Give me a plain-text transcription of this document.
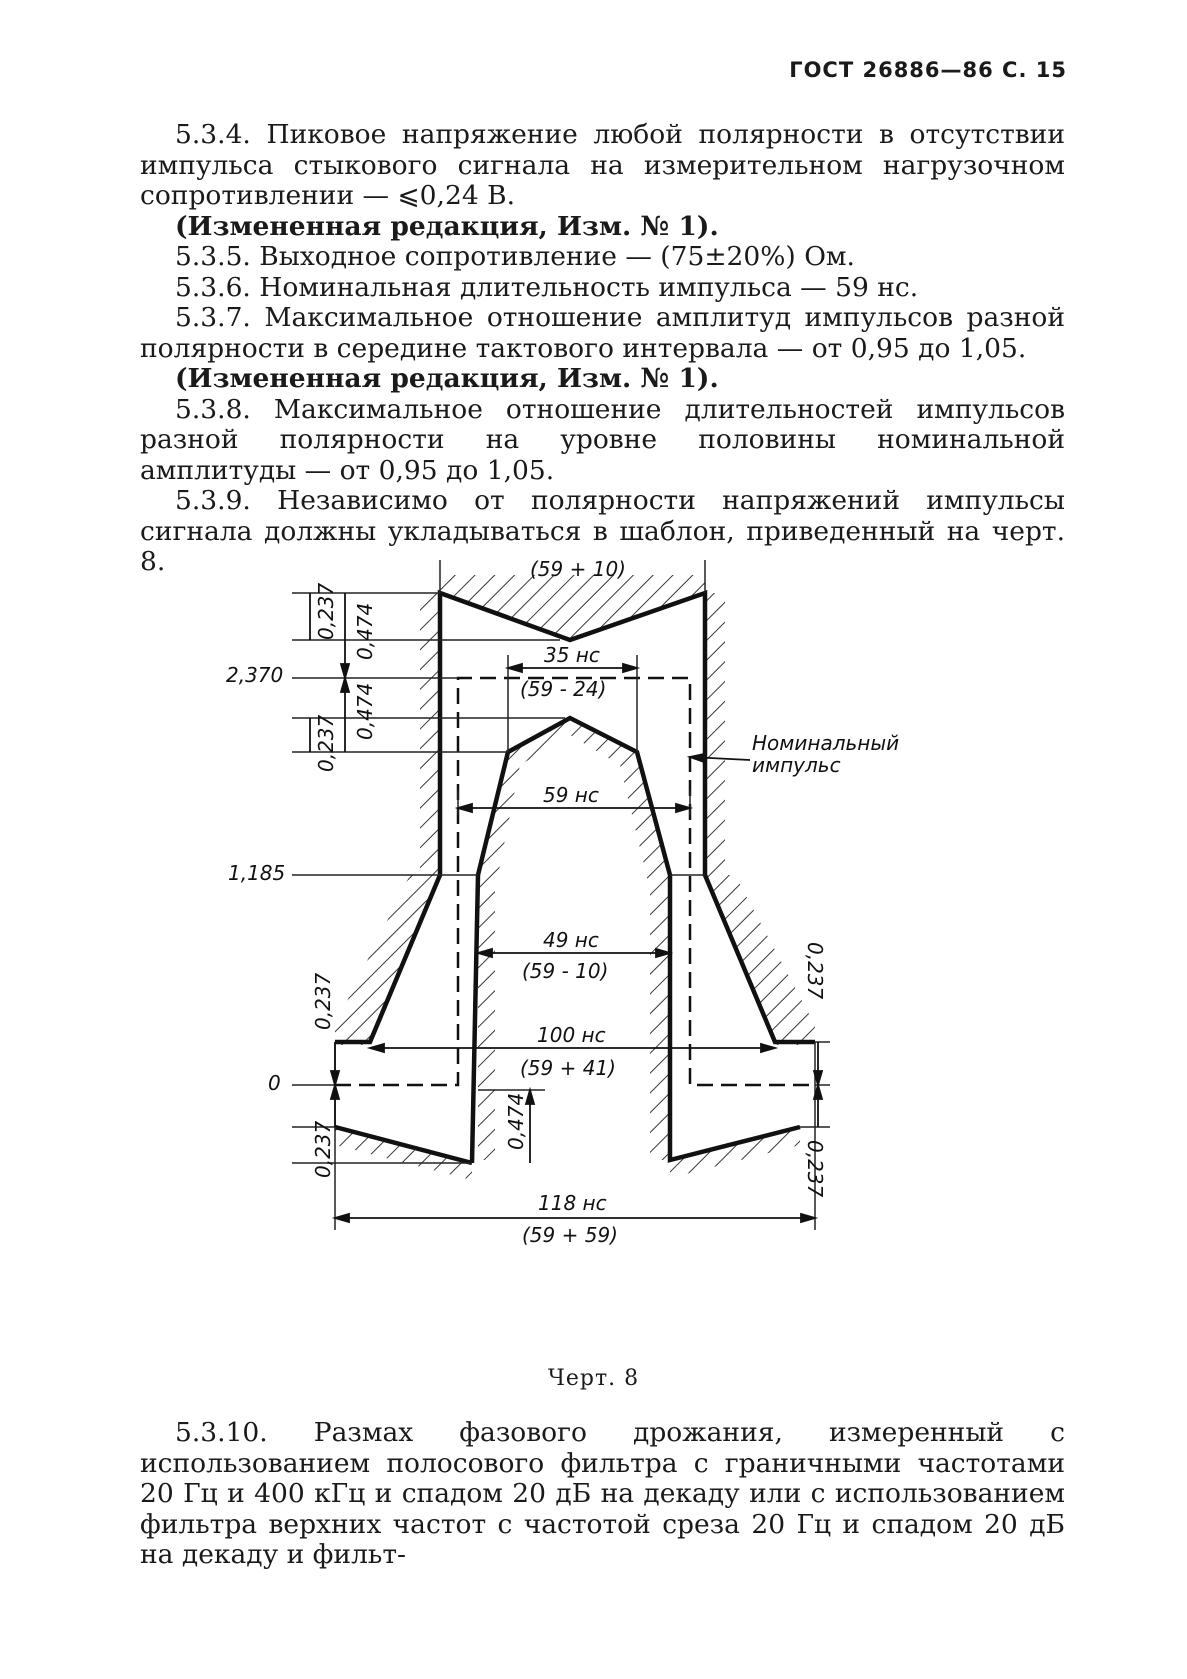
ГОСТ 26886—86 С. 15

5.3.4. Пиковое напряжение любой полярности в отсутствии импульса стыкового сигнала на измерительном нагрузочном сопротивлении — ⩽0,24 В.

(Измененная редакция, Изм. № 1).

5.3.5. Выходное сопротивление — (75±20%) Ом.

5.3.6. Номинальная длительность импульса — 59 нс.

5.3.7. Максимальное отношение амплитуд импульсов разной полярности в середине тактового интервала — от 0,95 до 1,05.

(Измененная редакция, Изм. № 1).

5.3.8. Максимальное отношение длительностей импульсов разной полярности на уровне половины номинальной амплитуды — от 0,95 до 1,05.

5.3.9. Независимо от полярности напряжений импульсы сигнала должны укладываться в шаблон, приведенный на черт. 8.

2,370
1,185
0
(59 + 10)
35 нс
(59 - 24)
59 нс
49 нс
(59 - 10)
100 нс
(59 + 41)
118 нс
(59 + 59)
Номинальный
импульс
0,237 0,474
0,474
0,237
0,237
0,474
0,237
0,237
0,237
Черт. 8

5.3.10. Размах фазового дрожания, измеренный с использованием полосового фильтра с граничными частотами 20 Гц и 400 кГц и спадом 20 дБ на декаду или с использованием фильтра верхних частот с частотой среза 20 Гц и спадом 20 дБ на декаду и фильт-
